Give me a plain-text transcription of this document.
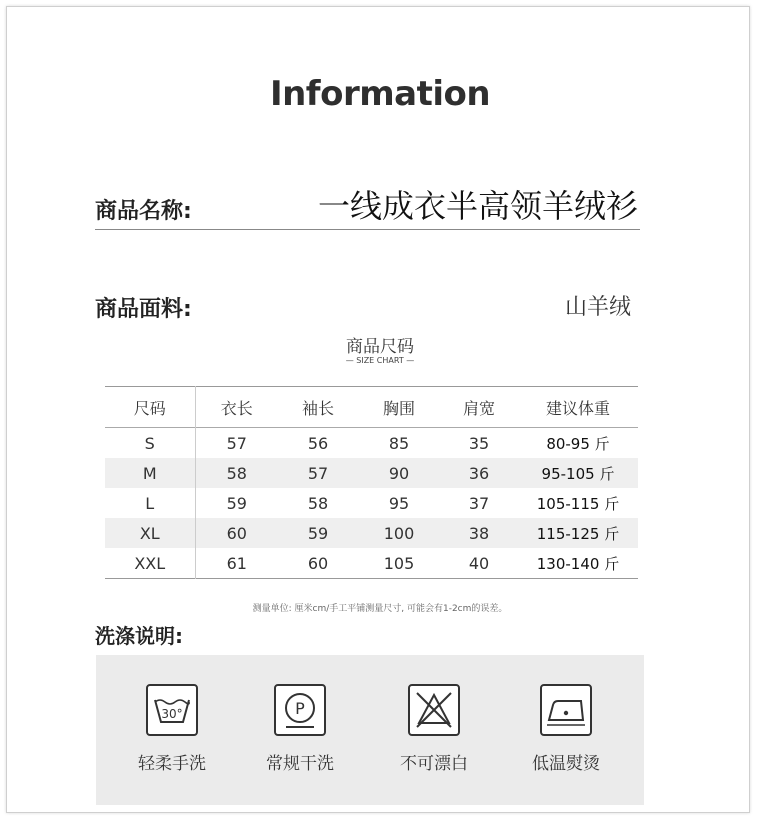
Information
商品名称:	一线成衣半高领羊绒衫
商品面料:	山羊绒
商品尺码
— SIZE CHART —
尺码	衣长	袖长	胸围	肩宽	建议体重
S	57	56	85	35	80-95 斤
M	58	57	90	36	95-105 斤
L	59	58	95	37	105-115 斤
XL	60	59	100	38	115-125 斤
XXL	61	60	105	40	130-140 斤
测量单位: 厘米cm/手工平铺测量尺寸, 可能会有1-2cm的误差。
洗涤说明:
30°
轻柔手洗
P
常规干洗	不可漂白	低温熨烫
